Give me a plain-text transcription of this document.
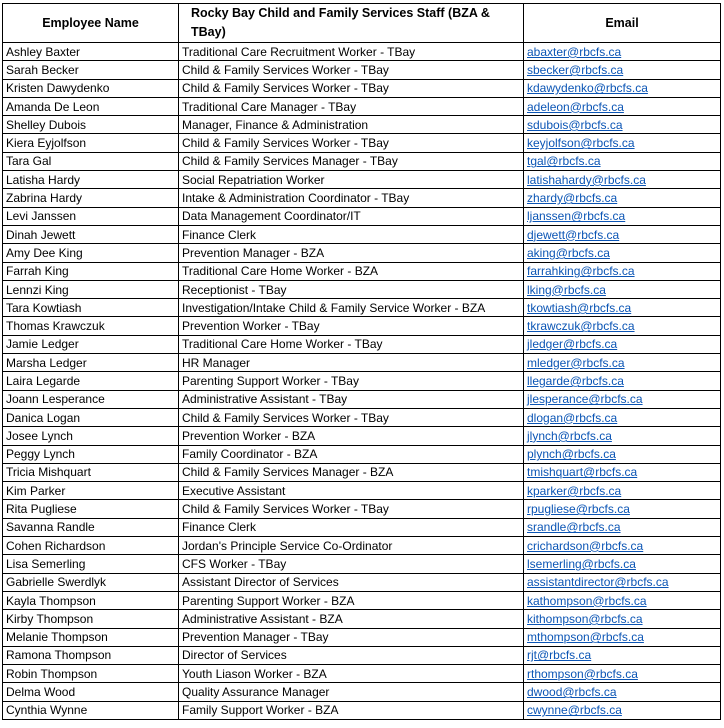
Employee Name	Rocky Bay Child and Family Services Staff (BZA & TBay)	Email
Ashley Baxter	Traditional Care Recruitment Worker - TBay	abaxter@rbcfs.ca
Sarah Becker	Child & Family Services Worker - TBay	sbecker@rbcfs.ca
Kristen Dawydenko	Child & Family Services Worker - TBay	kdawydenko@rbcfs.ca
Amanda De Leon	Traditional Care Manager - TBay	adeleon@rbcfs.ca
Shelley Dubois	Manager, Finance & Administration	sdubois@rbcfs.ca
Kiera Eyjolfson	Child & Family Services Worker - TBay	keyjolfson@rbcfs.ca
Tara Gal	Child & Family Services Manager - TBay	tgal@rbcfs.ca
Latisha Hardy	Social Repatriation Worker	latishahardy@rbcfs.ca
Zabrina Hardy	Intake & Administration Coordinator - TBay	zhardy@rbcfs.ca
Levi Janssen	Data Management Coordinator/IT	ljanssen@rbcfs.ca
Dinah Jewett	Finance Clerk	djewett@rbcfs.ca
Amy Dee King	Prevention Manager - BZA	aking@rbcfs.ca
Farrah King	Traditional Care Home Worker - BZA	farrahking@rbcfs.ca
Lennzi King	Receptionist - TBay	lking@rbcfs.ca
Tara Kowtiash	Investigation/Intake Child & Family Service Worker - BZA	tkowtiash@rbcfs.ca
Thomas Krawczuk	Prevention Worker - TBay	tkrawczuk@rbcfs.ca
Jamie Ledger	Traditional Care Home Worker - TBay	jledger@rbcfs.ca
Marsha Ledger	HR Manager	mledger@rbcfs.ca
Laira Legarde	Parenting Support Worker - TBay	llegarde@rbcfs.ca
Joann Lesperance	Administrative Assistant - TBay	jlesperance@rbcfs.ca
Danica Logan	Child & Family Services Worker - TBay	dlogan@rbcfs.ca
Josee Lynch	Prevention Worker - BZA	jlynch@rbcfs.ca
Peggy Lynch	Family Coordinator - BZA	plynch@rbcfs.ca
Tricia Mishquart	Child & Family Services Manager - BZA	tmishquart@rbcfs.ca
Kim Parker	Executive Assistant	kparker@rbcfs.ca
Rita Pugliese	Child & Family Services Worker - TBay	rpugliese@rbcfs.ca
Savanna Randle	Finance Clerk	srandle@rbcfs.ca
Cohen Richardson	Jordan's Principle Service Co-Ordinator	crichardson@rbcfs.ca
Lisa Semerling	CFS Worker - TBay	lsemerling@rbcfs.ca
Gabrielle Swerdlyk	Assistant Director of Services	assistantdirector@rbcfs.ca
Kayla Thompson	Parenting Support Worker - BZA	kathompson@rbcfs.ca
Kirby Thompson	Administrative Assistant - BZA	kithompson@rbcfs.ca
Melanie Thompson	Prevention Manager - TBay	mthompson@rbcfs.ca
Ramona Thompson	Director of Services	rjt@rbcfs.ca
Robin Thompson	Youth Liason Worker - BZA	rthompson@rbcfs.ca
Delma Wood	Quality Assurance Manager	dwood@rbcfs.ca
Cynthia Wynne	Family Support Worker - BZA	cwynne@rbcfs.ca
